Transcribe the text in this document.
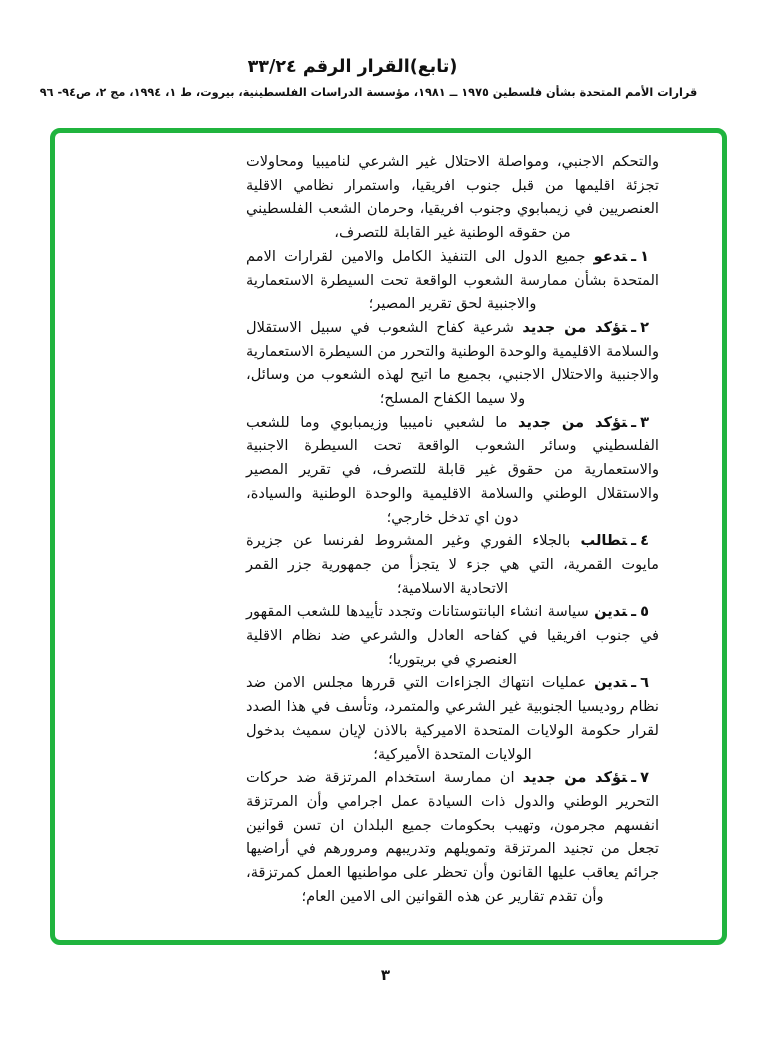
(تابع)القرار الرقم ٣٣/٢٤
قرارات الأمم المتحدة بشأن فلسطين ١٩٧٥ ــ ١٩٨١، مؤسسة الدراسات الفلسطينية، بيروت، ط ١، ١٩٩٤، مج ٢، ص٩٤- ٩٦

والتحكم الاجنبي، ومواصلة الاحتلال غير الشرعي لناميبيا ومحاولات تجزئة اقليمها من قبل جنوب افريقيا، واستمرار نظامي الاقلية العنصريين في زيمبابوي وجنوب افريقيا، وحرمان الشعب الفلسطيني من حقوقه الوطنية غير القابلة للتصرف،

١ـتدعو جميع الدول الى التنفيذ الكامل والامين لقرارات الامم المتحدة بشأن ممارسة الشعوب الواقعة تحت السيطرة الاستعمارية والاجنبية لحق تقرير المصير؛

٢ـتؤكد من جديد شرعية كفاح الشعوب في سبيل الاستقلال والسلامة الاقليمية والوحدة الوطنية والتحرر من السيطرة الاستعمارية والاجنبية والاحتلال الاجنبي، بجميع ما اتيح لهذه الشعوب من وسائل، ولا سيما الكفاح المسلح؛

٣ـتؤكد من جديد ما لشعبي ناميبيا وزيمبابوي وما للشعب الفلسطيني وسائر الشعوب الواقعة تحت السيطرة الاجنبية والاستعمارية من حقوق غير قابلة للتصرف، في تقرير المصير والاستقلال الوطني والسلامة الاقليمية والوحدة الوطنية والسيادة، دون اي تدخل خارجي؛

٤ـتطالب بالجلاء الفوري وغير المشروط لفرنسا عن جزيرة مايوت القمرية، التي هي جزء لا يتجزأ من جمهورية جزر القمر الاتحادية الاسلامية؛

٥ـتدين سياسة انشاء البانتوستانات وتجدد تأييدها للشعب المقهور في جنوب افريقيا في كفاحه العادل والشرعي ضد نظام الاقلية العنصري في بريتوريا؛

٦ـتدين عمليات انتهاك الجزاءات التي قررها مجلس الامن ضد نظام روديسيا الجنوبية غير الشرعي والمتمرد، وتأسف في هذا الصدد لقرار حكومة الولايات المتحدة الاميركية بالاذن لإيان سميث بدخول الولايات المتحدة الأميركية؛

٧ـتؤكد من جديد ان ممارسة استخدام المرتزقة ضد حركات التحرير الوطني والدول ذات السيادة عمل اجرامي وأن المرتزقة انفسهم مجرمون، وتهيب بحكومات جميع البلدان ان تسن قوانين تجعل من تجنيد المرتزقة وتمويلهم وتدريبهم ومرورهم في أراضيها جرائم يعاقب عليها القانون وأن تحظر على مواطنيها العمل كمرتزقة، وأن تقدم تقارير عن هذه القوانين الى الامين العام؛

٣
